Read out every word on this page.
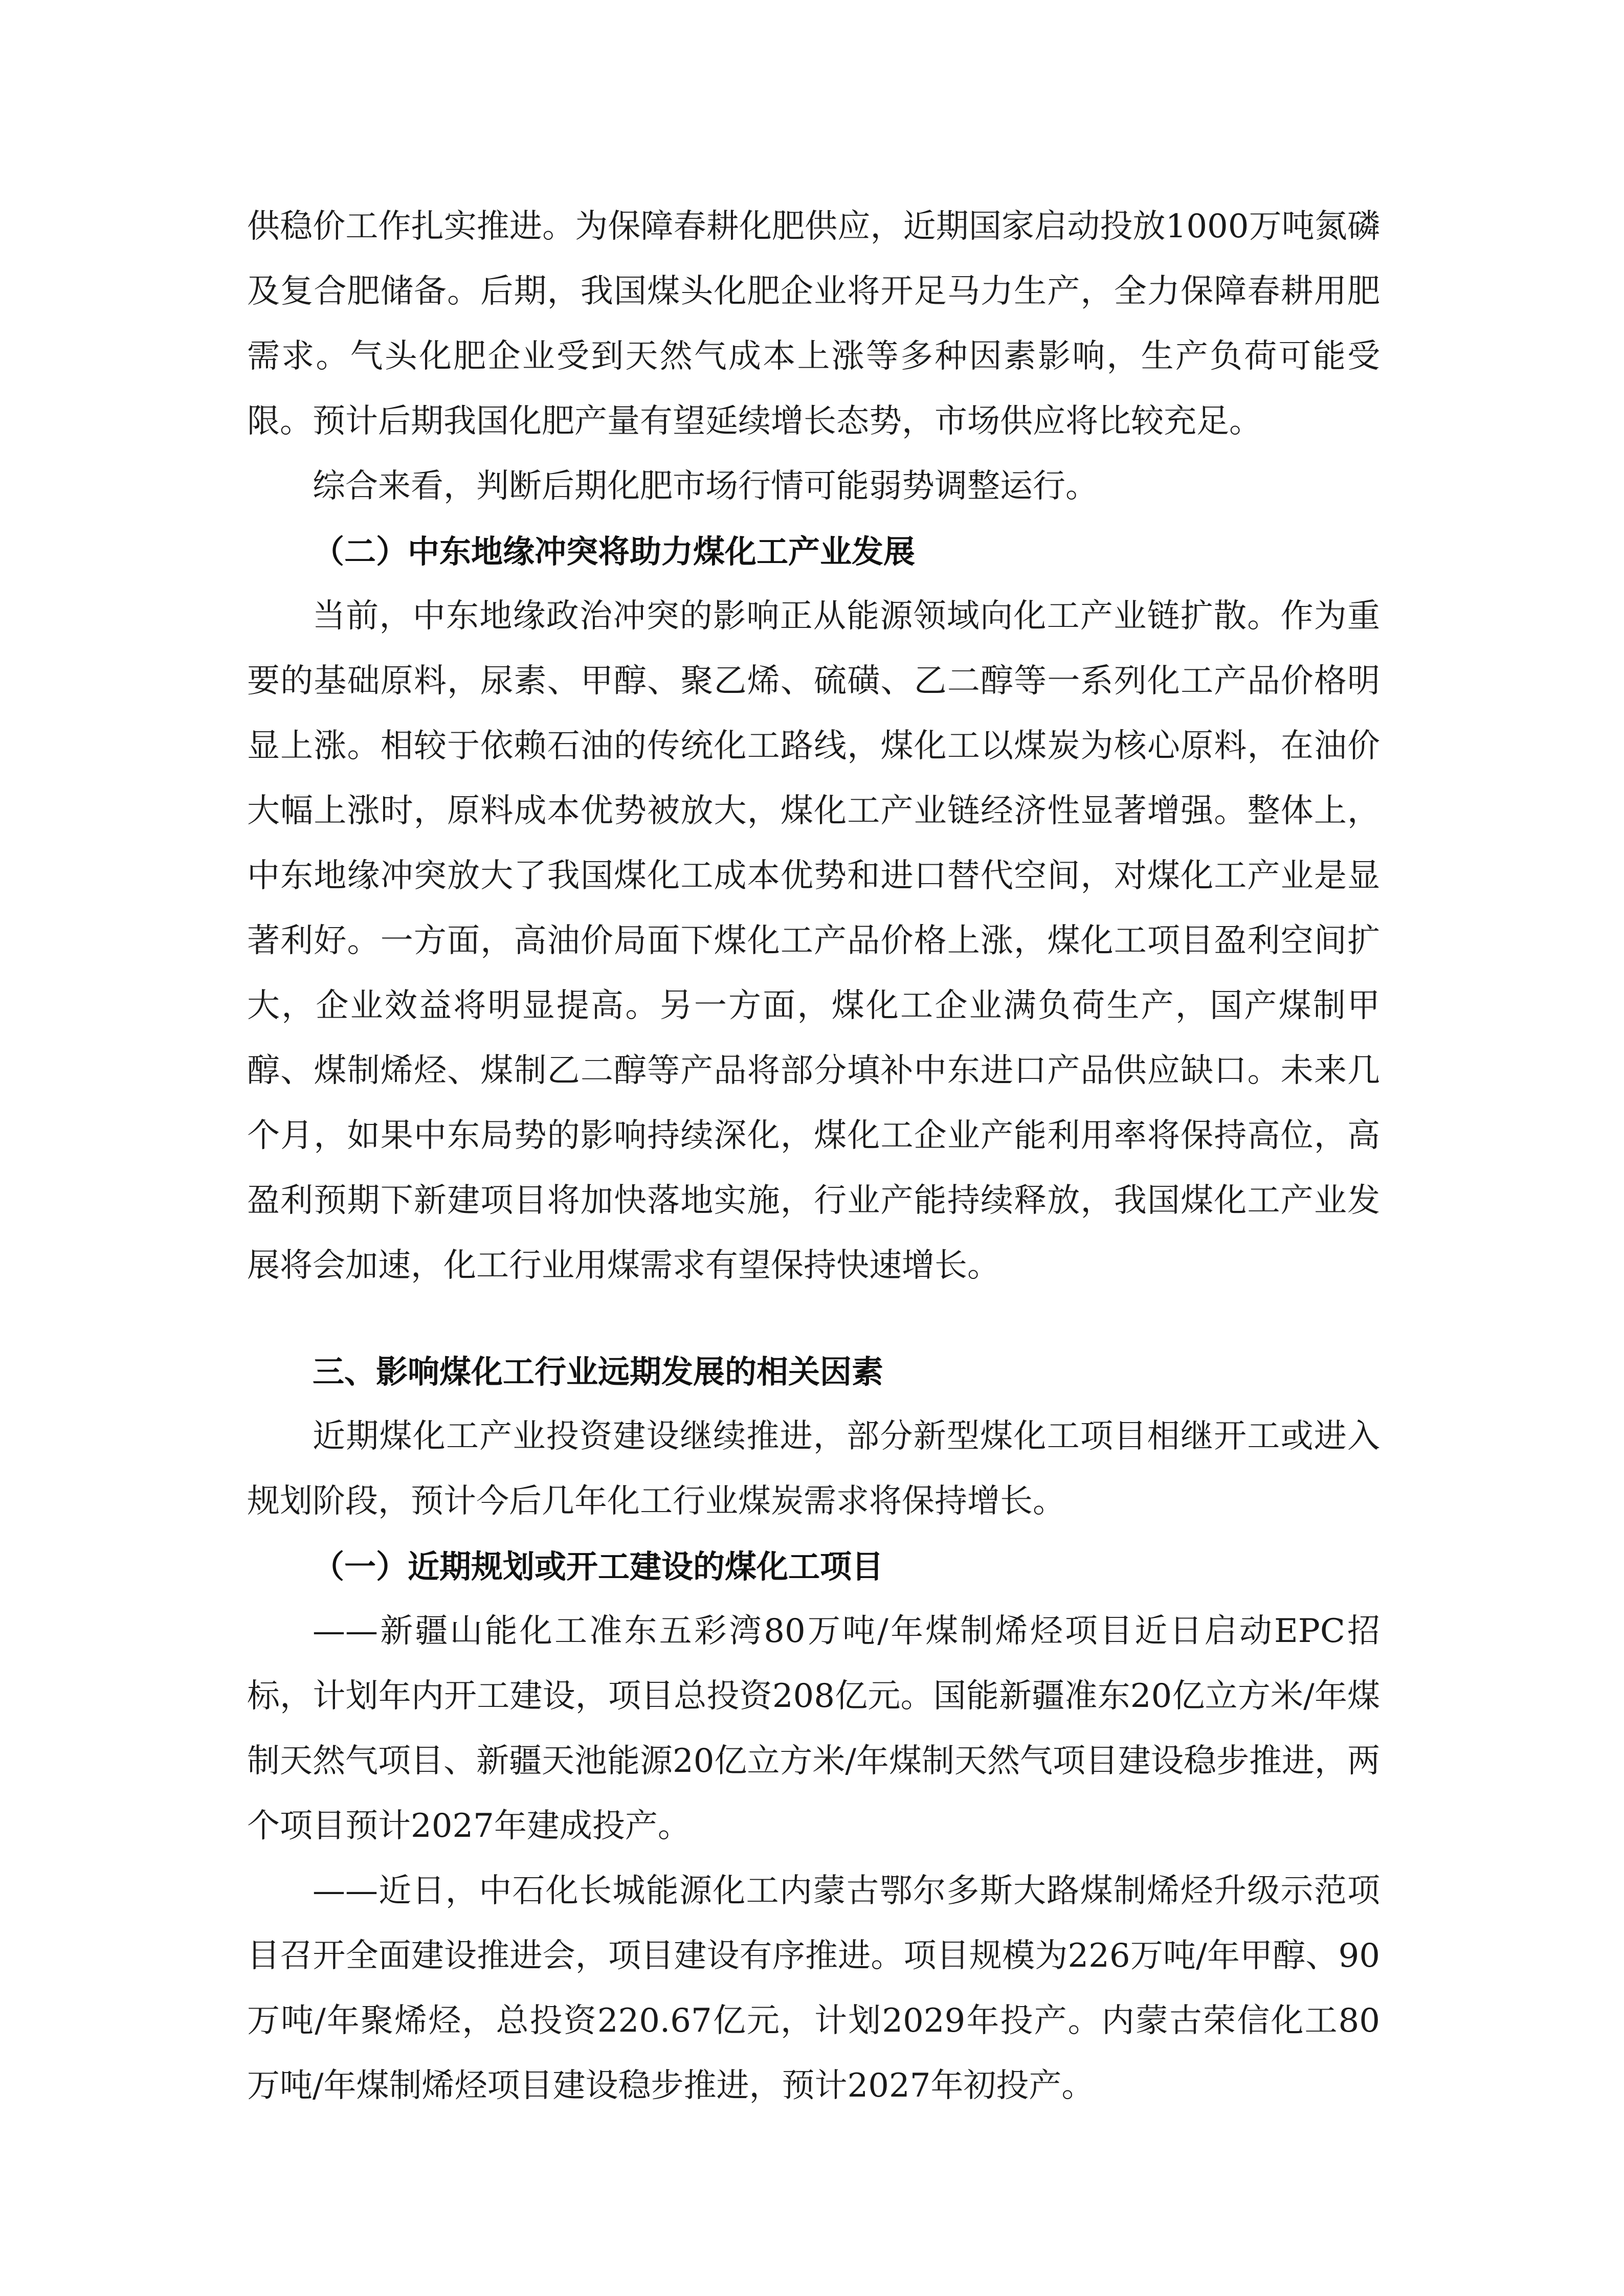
供稳价工作扎实推进。为保障春耕化肥供应，近期国家启动投放1000万吨氮磷及复合肥储备。后期，我国煤头化肥企业将开足马力生产，全力保障春耕用肥需求。气头化肥企业受到天然气成本上涨等多种因素影响，生产负荷可能受限。预计后期我国化肥产量有望延续增长态势，市场供应将比较充足。

综合来看，判断后期化肥市场行情可能弱势调整运行。

（二）中东地缘冲突将助力煤化工产业发展

当前，中东地缘政治冲突的影响正从能源领域向化工产业链扩散。作为重要的基础原料，尿素、甲醇、聚乙烯、硫磺、乙二醇等一系列化工产品价格明显上涨。相较于依赖石油的传统化工路线，煤化工以煤炭为核心原料，在油价大幅上涨时，原料成本优势被放大，煤化工产业链经济性显著增强。整体上，中东地缘冲突放大了我国煤化工成本优势和进口替代空间，对煤化工产业是显著利好。一方面，高油价局面下煤化工产品价格上涨，煤化工项目盈利空间扩大，企业效益将明显提高。另一方面，煤化工企业满负荷生产，国产煤制甲醇、煤制烯烃、煤制乙二醇等产品将部分填补中东进口产品供应缺口。未来几个月，如果中东局势的影响持续深化，煤化工企业产能利用率将保持高位，高盈利预期下新建项目将加快落地实施，行业产能持续释放，我国煤化工产业发展将会加速，化工行业用煤需求有望保持快速增长。

三、影响煤化工行业远期发展的相关因素

近期煤化工产业投资建设继续推进，部分新型煤化工项目相继开工或进入规划阶段，预计今后几年化工行业煤炭需求将保持增长。

（一）近期规划或开工建设的煤化工项目

——新疆山能化工准东五彩湾80万吨/年煤制烯烃项目近日启动EPC招标，计划年内开工建设，项目总投资208亿元。国能新疆准东20亿立方米/年煤制天然气项目、新疆天池能源20亿立方米/年煤制天然气项目建设稳步推进，两个项目预计2027年建成投产。

——近日，中石化长城能源化工内蒙古鄂尔多斯大路煤制烯烃升级示范项目召开全面建设推进会，项目建设有序推进。项目规模为226万吨/年甲醇、90万吨/年聚烯烃，总投资220.67亿元，计划2029年投产。内蒙古荣信化工80万吨/年煤制烯烃项目建设稳步推进，预计2027年初投产。
